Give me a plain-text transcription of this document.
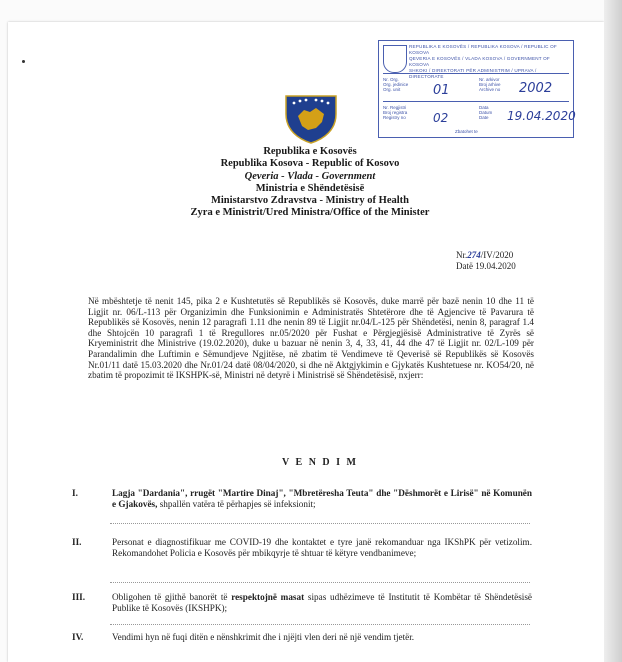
REPUBLIKA E KOSOVËS / REPUBLIKA KOSOVA / REPUBLIC OF KOSOVA
QEVERIA E KOSOVËS / VLADA KOSOVA / GOVERNMENT OF KOSOVA
SHKOKI / DIREKTORATI PËR ADMINISTRIM / UPRAVA / DIRECTORATE
Nr. Org.
Org. jedinice
Org. unit
Nr. arkivor
Broj arhive
Archive no
01	2002
Nr. Regjistri
Broj registra
Registry no
Data
Datum
Date
02	19.04.2020
Zbatohet te
Republika e Kosovës
Republika Kosova - Republic of Kosovo
Qeveria - Vlada - Government
Ministria e Shëndetësisë
Ministarstvo Zdravstva - Ministry of Health
Zyra e Ministrit/Ured Ministra/Office of the Minister
Nr.274/IV/2020
Datë 19.04.2020
Në mbështetje të nenit 145, pika 2 e Kushtetutës së Republikës së Kosovës, duke marrë për bazë nenin 10 dhe 11 të Ligjit nr. 06/L-113 për Organizimin dhe Funksionimin e Administratës Shtetërore dhe të Agjencive të Pavarura të Republikës së Kosovës, nenin 12 paragrafi 1.11 dhe nenin 89 të Ligjit nr.04/L-125 për Shëndetësi, nenin 8, paragraf 1.4 dhe Shtojcën 10 paragrafi 1 të Rregullores nr.05/2020 për Fushat e Përgjegjësisë Administrative të Zyrës së Kryeministrit dhe Ministrive (19.02.2020), duke u bazuar në nenin 3, 4, 33, 41, 44 dhe 47 të Ligjit nr. 02/L-109 për Parandalimin dhe Luftimin e Sëmundjeve Ngjitëse, në zbatim të Vendimeve të Qeverisë së Republikës së Kosovës Nr.01/11 datë 15.03.2020 dhe Nr.01/24 datë 08/04/2020, si dhe në Aktgjykimin e Gjykatës Kushtetuese nr. KO54/20, në zbatim të propozimit të IKSHPK-së, Ministri në detyrë i Ministrisë së Shëndetësisë, nxjerr:
V E N D I M
I.	Lagja "Dardania", rrugët "Martire Dinaj", "Mbretëresha Teuta" dhe "Dëshmorët e Lirisë" në Komunën e Gjakovës, shpallën vatëra të përhapjes së infeksionit;
II.	Personat e diagnostifikuar me COVID-19 dhe kontaktet e tyre janë rekomanduar nga IKShPK për vetizolim. Rekomandohet Policia e Kosovës për mbikqyrje të shtuar të këtyre vendbanimeve;
III.	Obligohen të gjithë banorët të respektojnë masat sipas udhëzimeve të Institutit të Kombëtar të Shëndetësisë Publike të Kosovës (IKSHPK);
IV.	Vendimi hyn në fuqi ditën e nënshkrimit dhe i njëjti vlen deri në një vendim tjetër.
